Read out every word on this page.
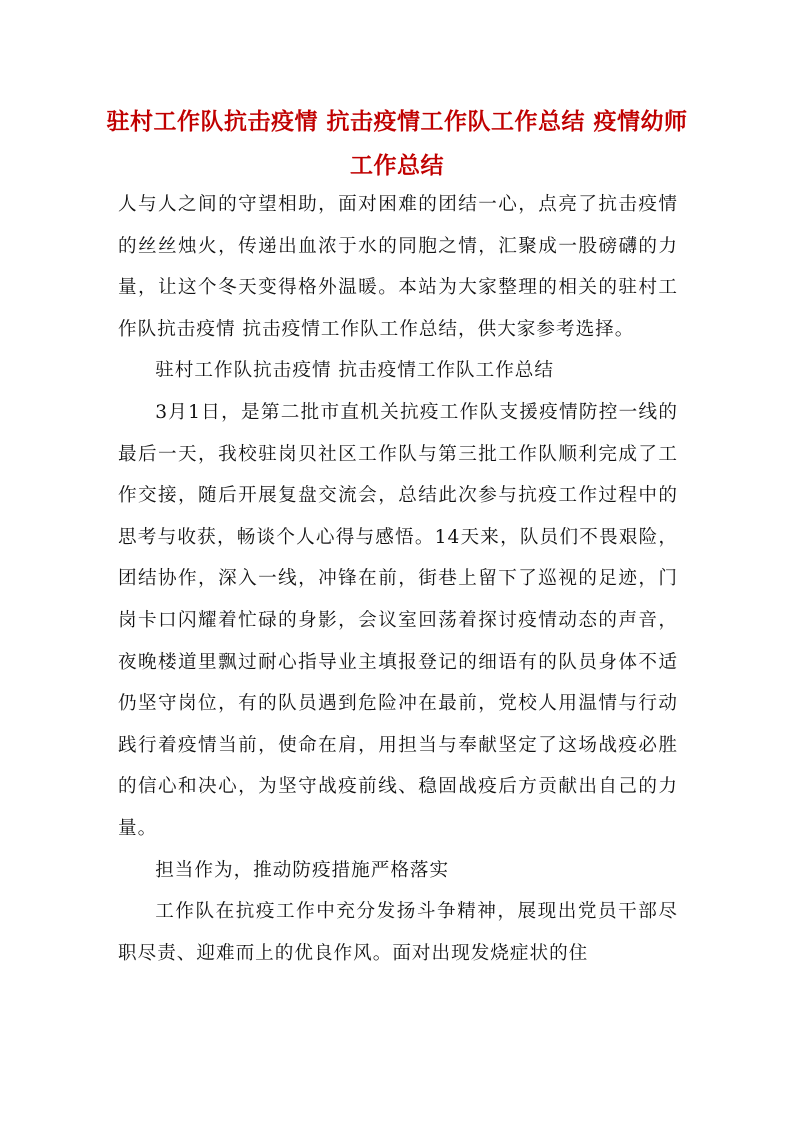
驻村工作队抗击疫情 抗击疫情工作队工作总结 疫情幼师工作总结

人与人之间的守望相助，面对困难的团结一心，点亮了抗击疫情的丝丝烛火，传递出血浓于水的同胞之情，汇聚成一股磅礴的力量，让这个冬天变得格外温暖。本站为大家整理的相关的驻村工作队抗击疫情 抗击疫情工作队工作总结，供大家参考选择。

驻村工作队抗击疫情 抗击疫情工作队工作总结

3月1日，是第二批市直机关抗疫工作队支援疫情防控一线的最后一天，我校驻岗贝社区工作队与第三批工作队顺利完成了工作交接，随后开展复盘交流会，总结此次参与抗疫工作过程中的思考与收获，畅谈个人心得与感悟。14天来，队员们不畏艰险，团结协作，深入一线，冲锋在前，街巷上留下了巡视的足迹，门岗卡口闪耀着忙碌的身影，会议室回荡着探讨疫情动态的声音，夜晚楼道里飘过耐心指导业主填报登记的细语有的队员身体不适仍坚守岗位，有的队员遇到危险冲在最前，党校人用温情与行动践行着疫情当前，使命在肩，用担当与奉献坚定了这场战疫必胜的信心和决心，为坚守战疫前线、稳固战疫后方贡献出自己的力量。

担当作为，推动防疫措施严格落实

工作队在抗疫工作中充分发扬斗争精神，展现出党员干部尽职尽责、迎难而上的优良作风。面对出现发烧症状的住
